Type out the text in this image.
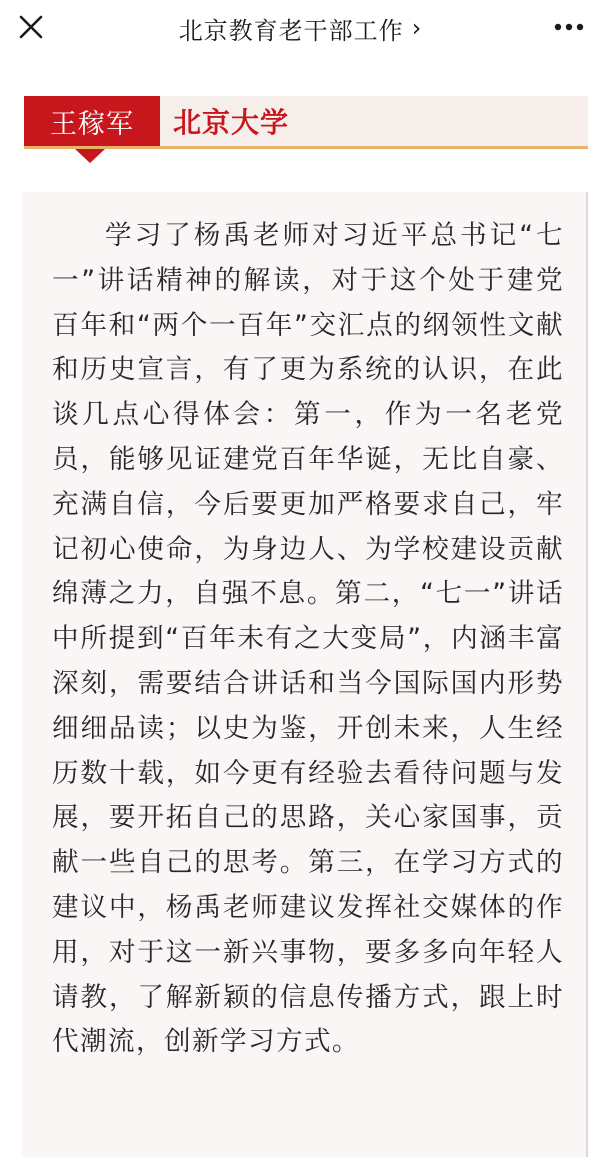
北京教育老干部工作 ›
王稼军	北京大学

学习了杨禹老师对习近平总书记“七一”讲话精神的解读，对于这个处于建党百年和“两个一百年”交汇点的纲领性文献和历史宣言，有了更为系统的认识，在此谈几点心得体会：第一，作为一名老党员，能够见证建党百年华诞，无比自豪、充满自信，今后要更加严格要求自己，牢记初心使命，为身边人、为学校建设贡献绵薄之力，自强不息。第二，“七一”讲话中所提到“百年未有之大变局”，内涵丰富深刻，需要结合讲话和当今国际国内形势细细品读；以史为鉴，开创未来，人生经历数十载，如今更有经验去看待问题与发展，要开拓自己的思路，关心家国事，贡献一些自己的思考。第三，在学习方式的建议中，杨禹老师建议发挥社交媒体的作用，对于这一新兴事物，要多多向年轻人请教，了解新颖的信息传播方式，跟上时代潮流，创新学习方式。
